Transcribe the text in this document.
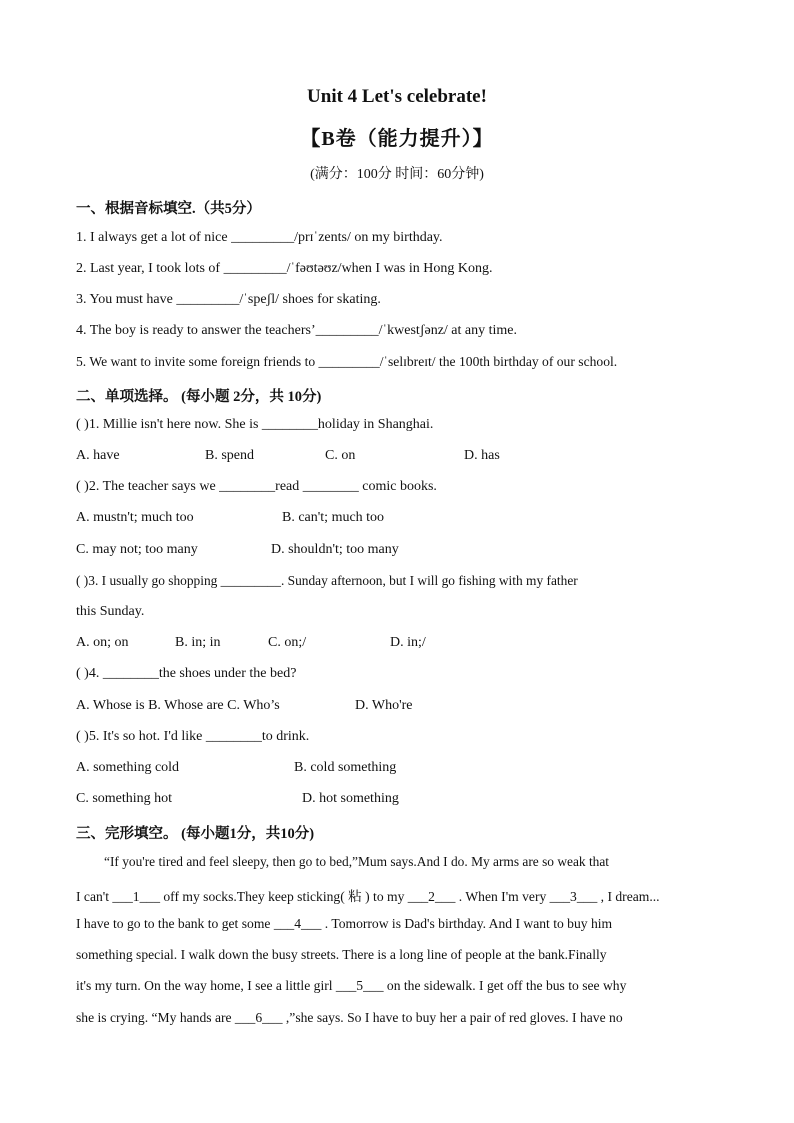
Unit 4 Let's celebrate!
【B卷（能力提升）】
(满分：100分 时间：60分钟)
一、根据音标填空.（共5分）
1. I always get a lot of nice _________/prɪˈzents/ on my birthday.
2. Last year, I took lots of _________/ˈfəʊtəʊz/when I was in Hong Kong.
3. You must have _________/ˈspeʃl/ shoes for skating.
4. The boy is ready to answer the teachers’_________/ˈkwestʃənz/ at any time.
5. We want to invite some foreign friends to _________/ˈselɪbreɪt/ the 100th birthday of our school.
二、单项选择。 (每小题 2分，共 10分)
( )1. Millie isn't here now. She is ________holiday in Shanghai.
A. have	B. spend	C. on	D. has
( )2. The teacher says we ________read ________ comic books.
A. mustn't; much too	B. can't; much too
C. may not; too many	D. shouldn't; too many
( )3. I usually go shopping _________. Sunday afternoon, but I will go fishing with my father
this Sunday.
A. on; on	B. in; in	C. on;/	D. in;/
( )4. ________the shoes under the bed?
A. Whose is B. Whose are C. Who’s	D. Who're
( )5. It's so hot. I'd like ________to drink.
A. something cold	B. cold something
C. something hot	D. hot something
三、完形填空。 (每小题1分，共10分)
“If you're tired and feel sleepy, then go to bed,”Mum says.And I do. My arms are so weak that
I can't ___1___ off my socks.They keep sticking( 粘 ) to my ___2___ . When I'm very ___3___ , I dream...
I have to go to the bank to get some ___4___ . Tomorrow is Dad's birthday. And I want to buy him
something special. I walk down the busy streets. There is a long line of people at the bank.Finally
it's my turn. On the way home, I see a little girl ___5___ on the sidewalk. I get off the bus to see why
she is crying. “My hands are ___6___ ,”she says. So I have to buy her a pair of red gloves. I have no
